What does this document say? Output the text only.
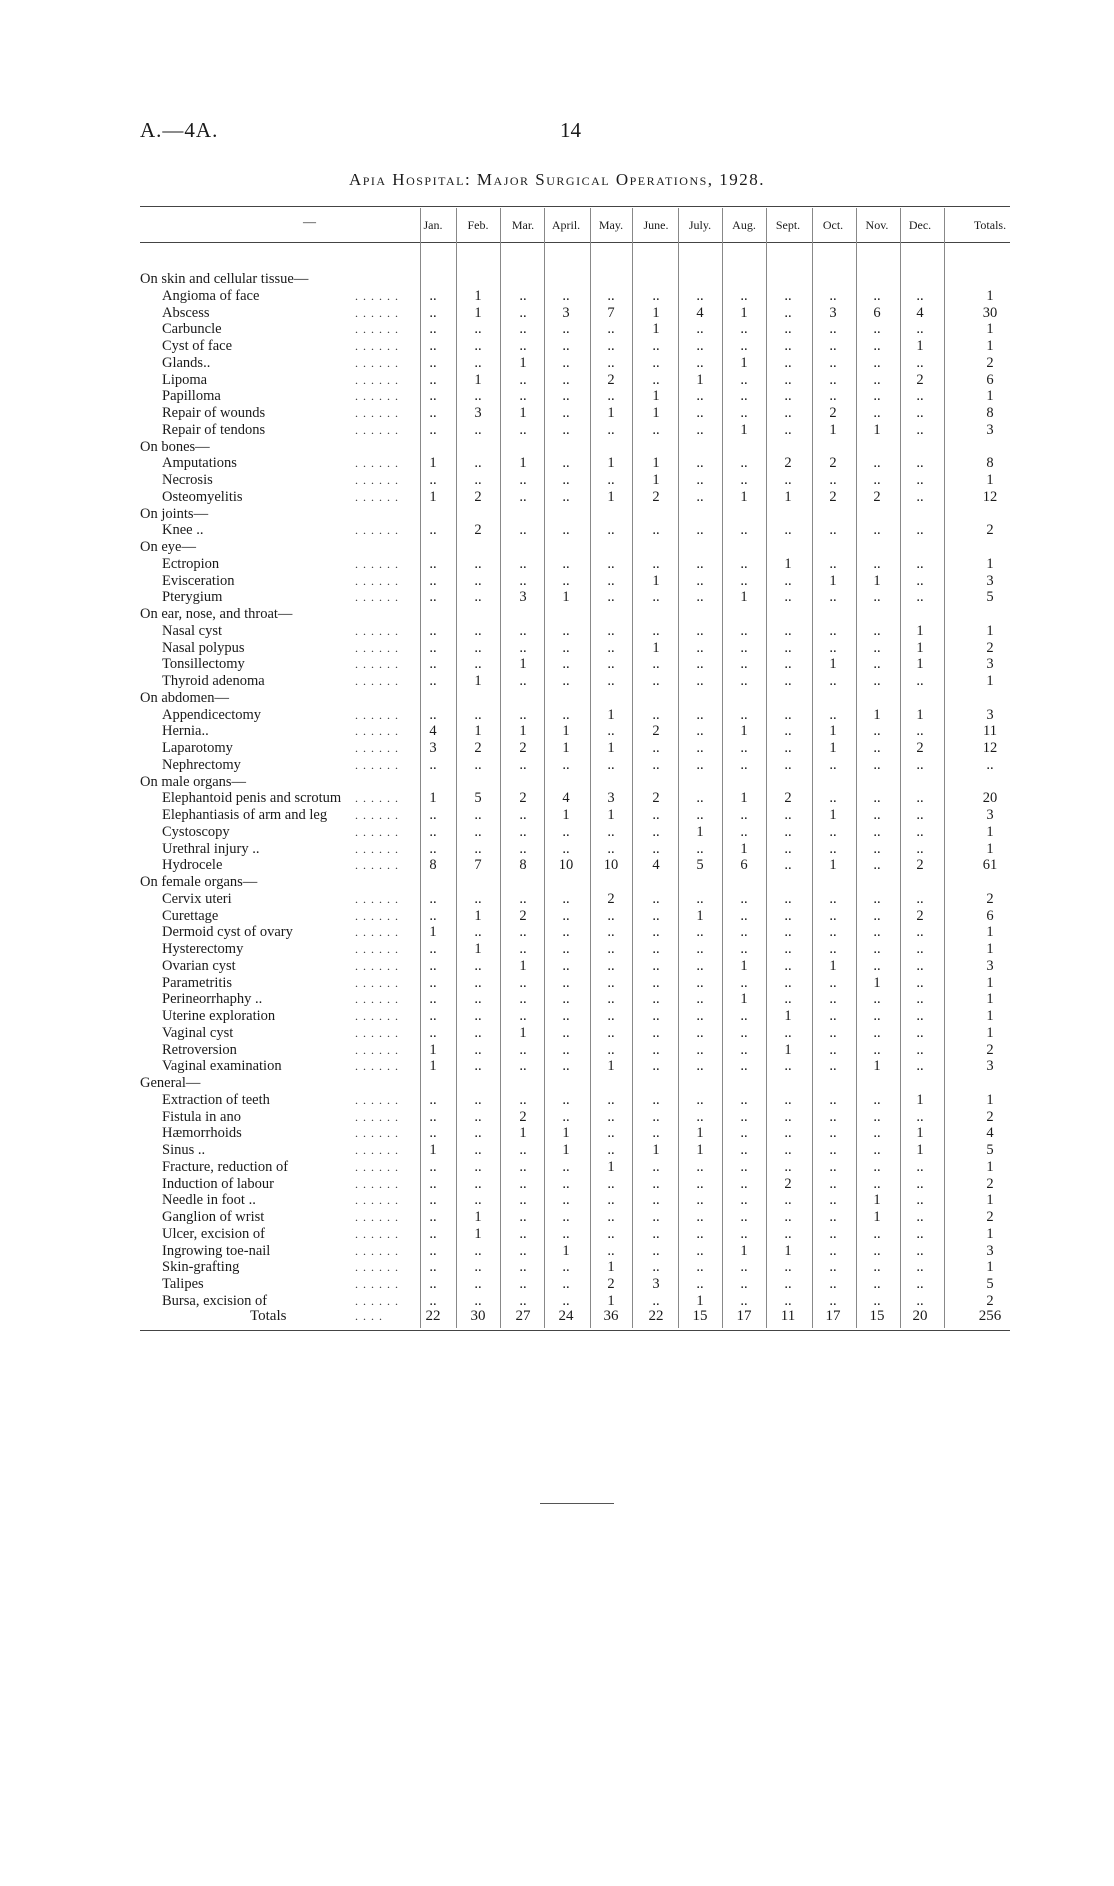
A.—4A.	14
Apia Hospital: Major Surgical Operations, 1928.
—
On skin and cellular tissue—
Angioma of face	. . . . . .	..	1	..	..	..	..	..	..	..	..	..	..	1
Abscess	. . . . . .	..	1	..	3	7	1	4	1	..	3	6	4	30
Carbuncle	. . . . . .	..	..	..	..	..	1	..	..	..	..	..	..	1
Cyst of face	. . . . . .	..	..	..	..	..	..	..	..	..	..	..	1	1
Glands..	. . . . . .	..	..	1	..	..	..	..	1	..	..	..	..	2
Lipoma	. . . . . .	..	1	..	..	2	..	1	..	..	..	..	2	6
Papilloma	. . . . . .	..	..	..	..	..	1	..	..	..	..	..	..	1
Repair of wounds	. . . . . .	..	3	1	..	1	1	..	..	..	2	..	..	8
Repair of tendons	. . . . . .	..	..	..	..	..	..	..	1	..	1	1	..	3
On bones—
Amputations	. . . . . .	1	..	1	..	1	1	..	..	2	2	..	..	8
Necrosis	. . . . . .	..	..	..	..	..	1	..	..	..	..	..	..	1
Osteomyelitis	. . . . . .	1	2	..	..	1	2	..	1	1	2	2	..	12
On joints—
Knee ..	. . . . . .	..	2	..	..	..	..	..	..	..	..	..	..	2
On eye—
Ectropion	. . . . . .	..	..	..	..	..	..	..	..	1	..	..	..	1
Evisceration	. . . . . .	..	..	..	..	..	1	..	..	..	1	1	..	3
Pterygium	. . . . . .	..	..	3	1	..	..	..	1	..	..	..	..	5
On ear, nose, and throat—
Nasal cyst	. . . . . .	..	..	..	..	..	..	..	..	..	..	..	1	1
Nasal polypus	. . . . . .	..	..	..	..	..	1	..	..	..	..	..	1	2
Tonsillectomy	. . . . . .	..	..	1	..	..	..	..	..	..	1	..	1	3
Thyroid adenoma	. . . . . .	..	1	..	..	..	..	..	..	..	..	..	..	1
On abdomen—
Appendicectomy	. . . . . .	..	..	..	..	1	..	..	..	..	..	1	1	3
Hernia..	. . . . . .	4	1	1	1	..	2	..	1	..	1	..	..	11
Laparotomy	. . . . . .	3	2	2	1	1	..	..	..	..	1	..	2	12
Nephrectomy	. . . . . .	..	..	..	..	..	..	..	..	..	..	..	..	..
On male organs—
Elephantoid penis and scrotum . . . . . .	1	5	2	4	3	2	..	1	2	..	..	..	20
Elephantiasis of arm and leg . . . . . .	..	..	..	1	1	..	..	..	..	1	..	..	3
Cystoscopy	. . . . . .	..	..	..	..	..	..	1	..	..	..	..	..	1
Urethral injury ..	. . . . . .	..	..	..	..	..	..	..	1	..	..	..	..	1
Hydrocele	. . . . . .	8	7	8	10	10	4	5	6	..	1	..	2	61
On female organs—
Cervix uteri	. . . . . .	..	..	..	..	2	..	..	..	..	..	..	..	2
Curettage	. . . . . .	..	1	2	..	..	..	1	..	..	..	..	2	6
Dermoid cyst of ovary	. . . . . .	1	..	..	..	..	..	..	..	..	..	..	..	1
Hysterectomy	. . . . . .	..	1	..	..	..	..	..	..	..	..	..	..	1
Ovarian cyst	. . . . . .	..	..	1	..	..	..	..	1	..	1	..	..	3
Parametritis	. . . . . .	..	..	..	..	..	..	..	..	..	..	1	..	1
Perineorrhaphy ..	. . . . . .	..	..	..	..	..	..	..	1	..	..	..	..	1
Uterine exploration	. . . . . .	..	..	..	..	..	..	..	..	1	..	..	..	1
Vaginal cyst	. . . . . .	..	..	1	..	..	..	..	..	..	..	..	..	1
Retroversion	. . . . . .	1	..	..	..	..	..	..	..	1	..	..	..	2
Vaginal examination	. . . . . .	1	..	..	..	1	..	..	..	..	..	1	..	3
General—
Extraction of teeth	. . . . . .	..	..	..	..	..	..	..	..	..	..	..	1	1
Fistula in ano	. . . . . .	..	..	2	..	..	..	..	..	..	..	..	..	2
Hæmorrhoids	. . . . . .	..	..	1	1	..	..	1	..	..	..	..	1	4
Sinus ..	. . . . . .	1	..	..	1	..	1	1	..	..	..	..	1	5
Fracture, reduction of	. . . . . .	..	..	..	..	1	..	..	..	..	..	..	..	1
Induction of labour	. . . . . .	..	..	..	..	..	..	..	..	2	..	..	..	2
Needle in foot ..	. . . . . .	..	..	..	..	..	..	..	..	..	..	1	..	1
Ganglion of wrist	. . . . . .	..	1	..	..	..	..	..	..	..	..	1	..	2
Ulcer, excision of	. . . . . .	..	1	..	..	..	..	..	..	..	..	..	..	1
Ingrowing toe-nail	. . . . . .	..	..	..	1	..	..	..	1	1	..	..	..	3
Skin-grafting	. . . . . .	..	..	..	..	1	..	..	..	..	..	..	..	1
Talipes	. . . . . .	..	..	..	..	2	3	..	..	..	..	..	..	5
Bursa, excision of	. . . . . .	..	..	..	..	1	..	1	..	..	..	..	..	2
Totals	. . . .	22	30	27	24	36	22	15	17	11	17	15	20	256
Jan.	Feb.	Mar.	April.	May.	June.	July.	Aug.	Sept.	Oct.	Nov.	Dec.	Totals.
